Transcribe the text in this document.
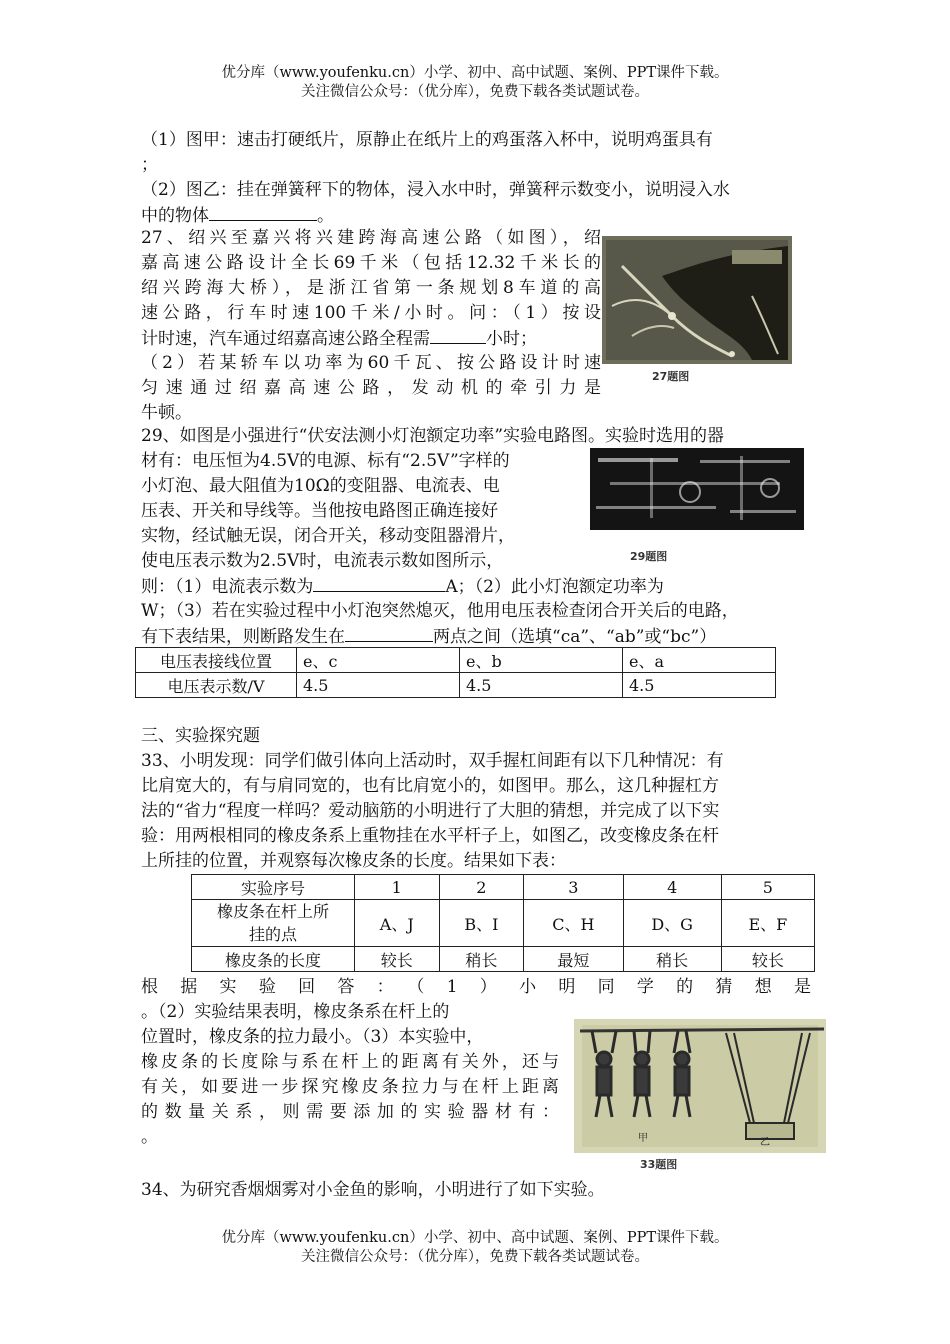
优分库（www.youfenku.cn）小学、初中、高中试题、案例、PPT课件下载。
关注微信公众号：（优分库），免费下载各类试题试卷。
（1）图甲：速击打硬纸片，原静止在纸片上的鸡蛋落入杯中，说明鸡蛋具有
；
（2）图乙：挂在弹簧秤下的物体，浸入水中时，弹簧秤示数变小，说明浸入水
中的物体	。
27、绍兴至嘉兴将兴建跨海高速公路（如图），绍
嘉高速公路设计全长69千米（包括12.32千米长的
绍兴跨海大桥），是浙江省第一条规划8车道的高
速公路，行车时速100千米/小时。问：（1）按设
计时速，汽车通过绍嘉高速公路全程需	小时；
（2）若某轿车以功率为60千瓦、按公路设计时速
匀速通过绍嘉高速公路，发动机的牵引力是
牛顿。
27题图
29、如图是小强进行“伏安法测小灯泡额定功率”实验电路图。实验时选用的器
材有：电压恒为4.5V的电源、标有“2.5V”字样的
小灯泡、最大阻值为10Ω的变阻器、电流表、电
压表、开关和导线等。当他按电路图正确连接好
实物，经试触无误，闭合开关，移动变阻器滑片，
使电压表示数为2.5V时，电流表示数如图所示，
则：（1）电流表示数为	A；（2）此小灯泡额定功率为
W；（3）若在实验过程中小灯泡突然熄灭，他用电压表检查闭合开关后的电路，
有下表结果，则断路发生在	两点之间（选填“ca”、“ab”或“bc”）
29题图
电压表接线位置	e、c	e、b	e、a
电压表示数/V	4.5	4.5	4.5
三、实验探究题
33、小明发现：同学们做引体向上活动时，双手握杠间距有以下几种情况：有
比肩宽大的，有与肩同宽的，也有比肩宽小的，如图甲。那么，这几种握杠方
法的“省力“程度一样吗？爱动脑筋的小明进行了大胆的猜想，并完成了以下实
验：用两根相同的橡皮条系上重物挂在水平杆子上，如图乙，改变橡皮条在杆
上所挂的位置，并观察每次橡皮条的长度。结果如下表：
实验序号	1	2	3	4	5

橡皮条在杆上所
挂的点	A、J	B、I	C、H	D、G	E、F
橡皮条的长度	较长	稍长	最短	稍长	较长
根据实验回答：（1）小明同学的猜想是
。（2）实验结果表明，橡皮条系在杆上的
位置时，橡皮条的拉力最小。（3）本实验中，
橡皮条的长度除与系在杆上的距离有关外，还与
有关，如要进一步探究橡皮条拉力与在杆上距离
的数量关系，则需要添加的实验器材有：
。	甲	乙
33题图
34、为研究香烟烟雾对小金鱼的影响，小明进行了如下实验。
优分库（www.youfenku.cn）小学、初中、高中试题、案例、PPT课件下载。
关注微信公众号：（优分库），免费下载各类试题试卷。
